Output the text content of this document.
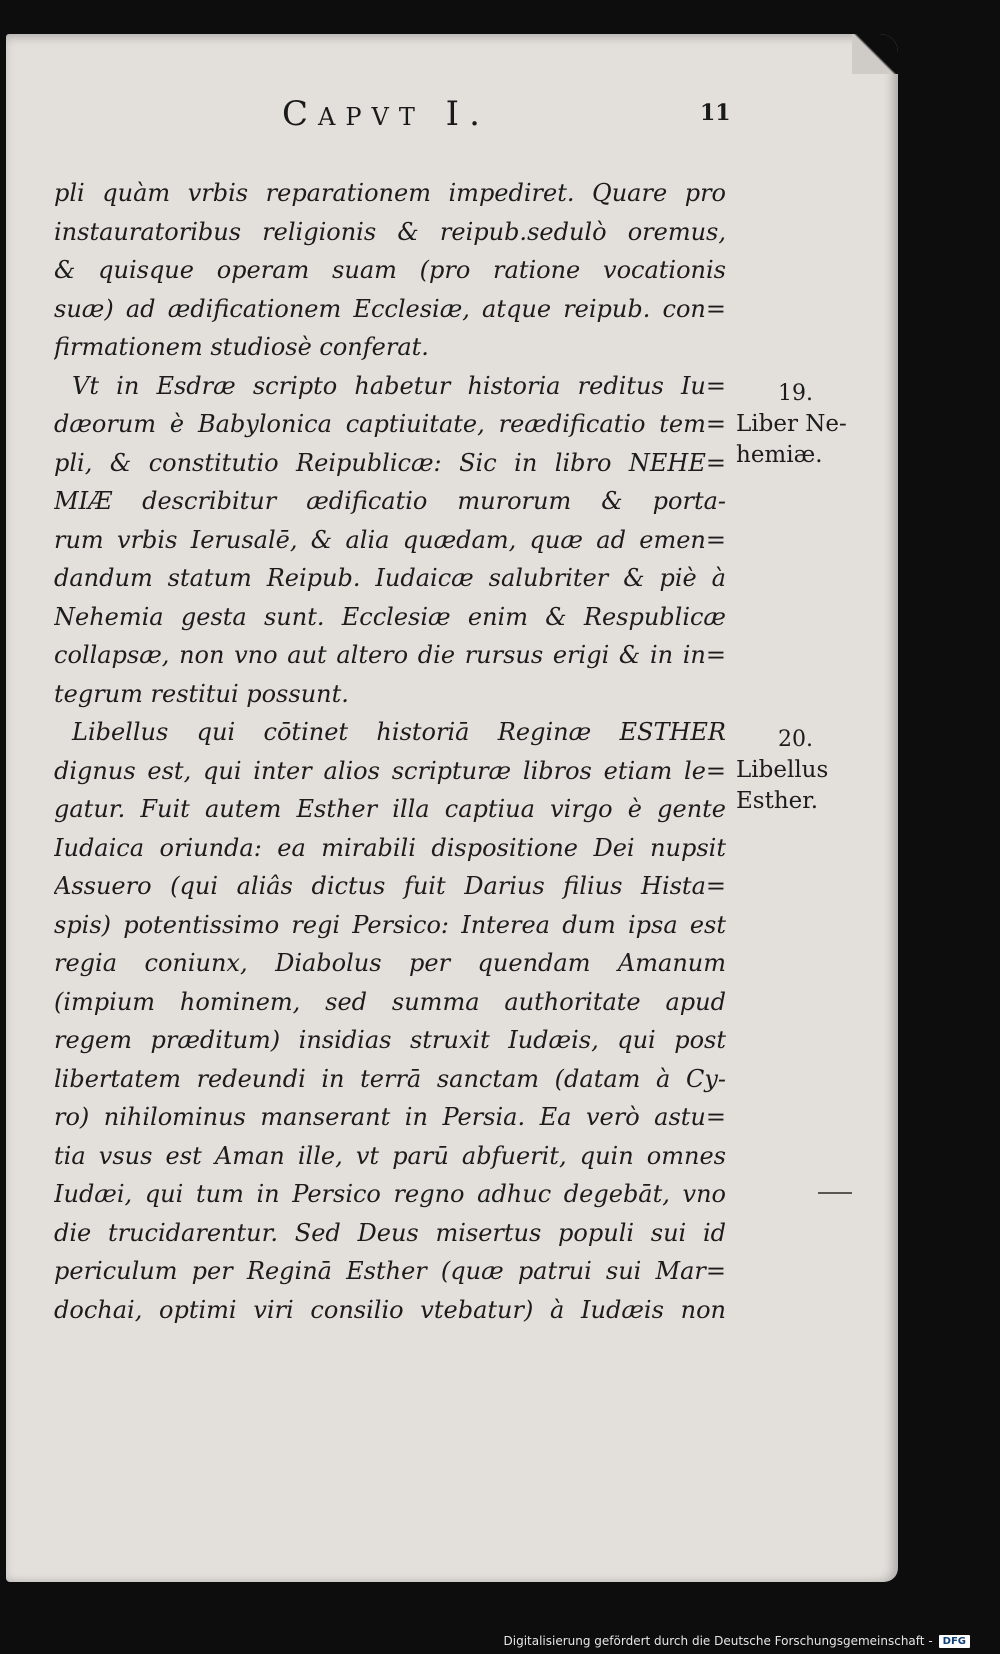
Capvt I.	11
pli quàm vrbis reparationem impediret. Quare pro
instauratoribus religionis & reipub.sedulò oremus,
& quisque operam suam (pro ratione vocationis
suæ) ad ædificationem Ecclesiæ, atque reipub. con=
firmationem studiosè conferat.
Vt in Esdræ scripto habetur historia reditus Iu=
dæorum è Babylonica captiuitate, reædificatio tem=
pli, & constitutio Reipublicæ: Sic in libro NEHE=
MIÆ describitur ædificatio murorum & porta-
rum vrbis Ierusalē, & alia quædam, quæ ad emen=
dandum statum Reipub. Iudaicæ salubriter & piè à
Nehemia gesta sunt. Ecclesiæ enim & Respublicæ
collapsæ, non vno aut altero die rursus erigi & in in=
tegrum restitui possunt.
Libellus qui cōtinet historiā Reginæ ESTHER
dignus est, qui inter alios scripturæ libros etiam le=
gatur. Fuit autem Esther illa captiua virgo è gente
Iudaica oriunda: ea mirabili dispositione Dei nupsit
Assuero (qui aliâs dictus fuit Darius filius Hista=
spis) potentissimo regi Persico: Interea dum ipsa est
regia coniunx, Diabolus per quendam Amanum
(impium hominem, sed summa authoritate apud
regem præditum) insidias struxit Iudæis, qui post
libertatem redeundi in terrā sanctam (datam à Cy-
ro) nihilominus manserant in Persia. Ea verò astu=
tia vsus est Aman ille, vt parū abfuerit, quin omnes
Iudæi, qui tum in Persico regno adhuc degebāt, vno
die trucidarentur. Sed Deus misertus populi sui id
periculum per Reginā Esther (quæ patrui sui Mar=
dochai, optimi viri consilio vtebatur) à Iudæis non
19.
Liber Ne-
hemiæ.
20.
Libellus
Esther.
Digitalisierung gefördert durch die Deutsche Forschungsgemeinschaft -	DFG
